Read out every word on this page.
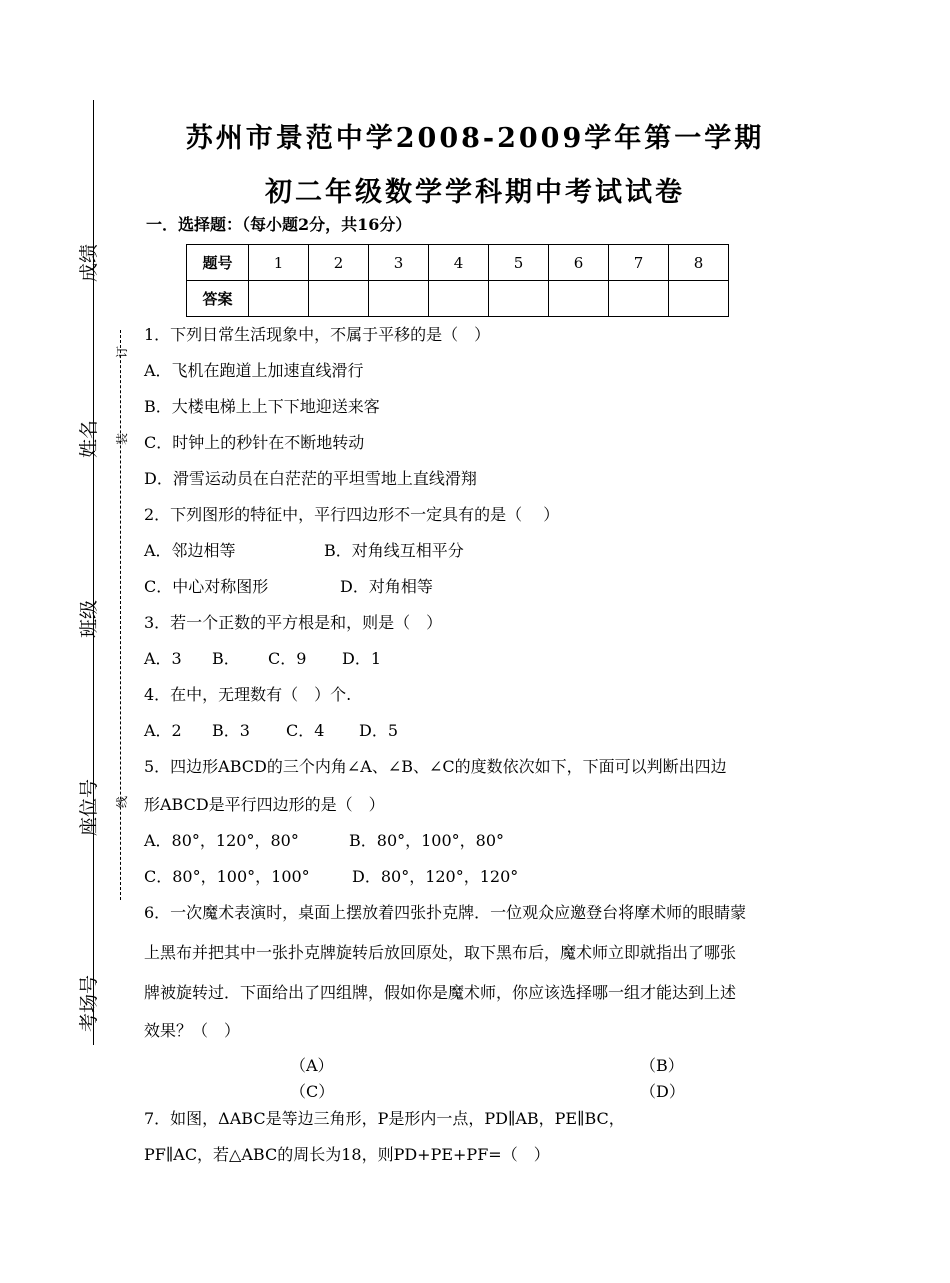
成绩
姓名
班级
座位号
考场号
订
装
线
苏州市景范中学2008-2009学年第一学期
初二年级数学学科期中考试试卷
一．选择题：（每小题2分，共16分）
题号	1	2	3	4	5	6	7	8
答案								
1．下列日常生活现象中，不属于平移的是（　）
A．飞机在跑道上加速直线滑行
B．大楼电梯上上下下地迎送来客
C．时钟上的秒针在不断地转动
D．滑雪运动员在白茫茫的平坦雪地上直线滑翔
2．下列图形的特征中，平行四边形不一定具有的是（　 ）
A．邻边相等	B．对角线互相平分
C．中心对称图形	D．对角相等
3．若一个正数的平方根是和，则是（　）
A．3 B． C．9 D．1
4．在中，无理数有（　）个.
A．2 B．3 C．4 D．5
5．四边形ABCD的三个内角∠A、∠B、∠C的度数依次如下，下面可以判断出四边
形ABCD是平行四边形的是（　）
A．80°，120°，80°	B．80°，100°，80°
C．80°，100°，100°	D．80°，120°，120°
6．一次魔术表演时，桌面上摆放着四张扑克牌．一位观众应邀登台将摩术师的眼睛蒙
上黑布并把其中一张扑克牌旋转后放回原处，取下黑布后，魔术师立即就指出了哪张
牌被旋转过．下面给出了四组牌，假如你是魔术师，你应该选择哪一组才能达到上述
效果？（　）
（A）	（B）
（C）	（D）
7．如图，ΔABC是等边三角形，P是形内一点，PD∥AB，PE∥BC，
PF∥AC，若△ABC的周长为18，则PD+PE+PF=（　）
